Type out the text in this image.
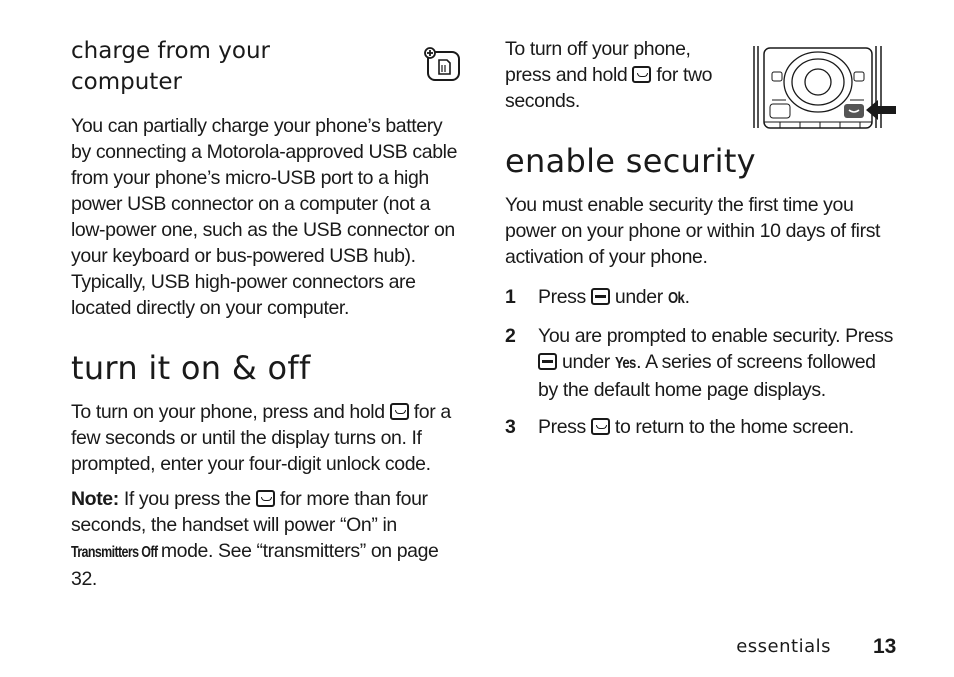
charge from your computer

You can partially charge your phone’s battery by connecting a Motorola-approved USB cable from your phone’s micro-USB port to a high power USB connector on a computer (not a low-power one, such as the USB connector on your keyboard or bus-powered USB hub). Typically, USB high-power connectors are located directly on your computer.

turn it on & off

To turn on your phone, press and hold for a few seconds or until the display turns on. If prompted, enter your four-digit unlock code.

Note: If you press the for more than four seconds, the handset will power “On” in Transmitters Off mode. See “transmitters” on page 32.

To turn off your phone, press and hold for two seconds.

enable security

You must enable security the first time you power on your phone or within 10 days of first activation of your phone.

1	Press under Ok.
2	You are prompted to enable security. Press  under Yes. A series of screens followed by the default home page displays.
3	Press to return to the home screen.
essentials 13
